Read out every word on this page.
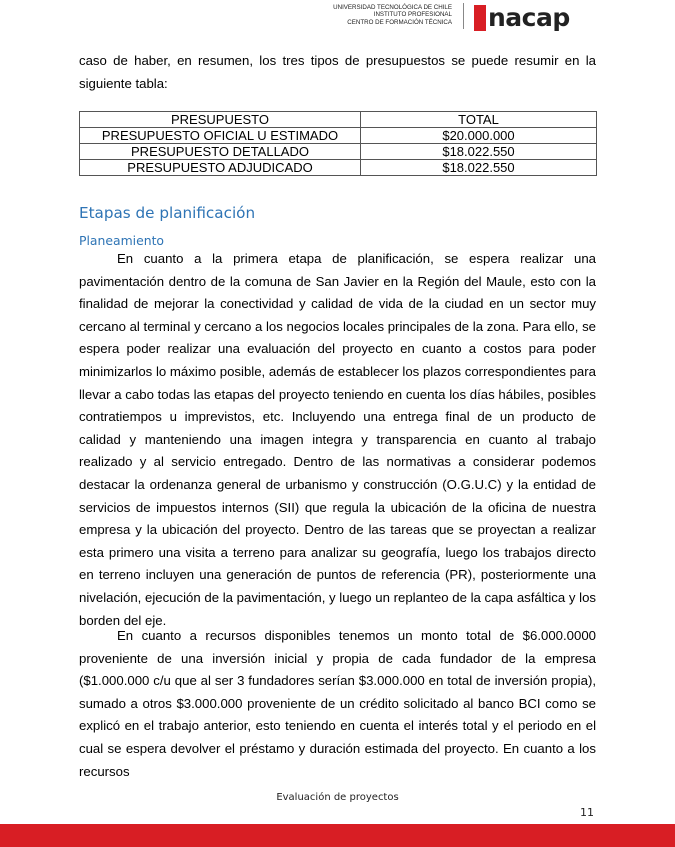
UNIVERSIDAD TECNOLÓGICA DE CHILE
INSTITUTO PROFESIONAL
CENTRO DE FORMACIÓN TÉCNICA nacap

caso de haber, en resumen, los tres tipos de presupuestos se puede resumir en la siguiente tabla:

PRESUPUESTO	TOTAL
PRESUPUESTO OFICIAL U ESTIMADO	$20.000.000
PRESUPUESTO DETALLADO	$18.022.550
PRESUPUESTO ADJUDICADO	$18.022.550
Etapas de planificación
Planeamiento

En cuanto a la primera etapa de planificación, se espera realizar una pavimentación dentro de la comuna de San Javier en la Región del Maule, esto con la finalidad de mejorar la conectividad y calidad de vida de la ciudad en un sector muy cercano al terminal y cercano a los negocios locales principales de la zona. Para ello, se espera poder realizar una evaluación del proyecto en cuanto a costos para poder minimizarlos lo máximo posible, además de establecer los plazos correspondientes para llevar a cabo todas las etapas del proyecto teniendo en cuenta los días hábiles, posibles contratiempos u imprevistos, etc. Incluyendo una entrega final de un producto de calidad y manteniendo una imagen integra y transparencia en cuanto al trabajo realizado y al servicio entregado. Dentro de las normativas a considerar podemos destacar la ordenanza general de urbanismo y construcción (O.G.U.C) y la entidad de servicios de impuestos internos (SII) que regula la ubicación de la oficina de nuestra empresa y la ubicación del proyecto. Dentro de las tareas que se proyectan a realizar esta primero una visita a terreno para analizar su geografía, luego los trabajos directo en terreno incluyen una generación de puntos de referencia (PR), posteriormente una nivelación, ejecución de la pavimentación, y luego un replanteo de la capa asfáltica y los borden del eje.

En cuanto a recursos disponibles tenemos un monto total de $6.000.0000 proveniente de una inversión inicial y propia de cada fundador de la empresa ($1.000.000 c/u que al ser 3 fundadores serían $3.000.000 en total de inversión propia), sumado a otros $3.000.000 proveniente de un crédito solicitado al banco BCI como se explicó en el trabajo anterior, esto teniendo en cuenta el interés total y el periodo en el cual se espera devolver el préstamo y duración estimada del proyecto. En cuanto a los recursos

Evaluación de proyectos
11
